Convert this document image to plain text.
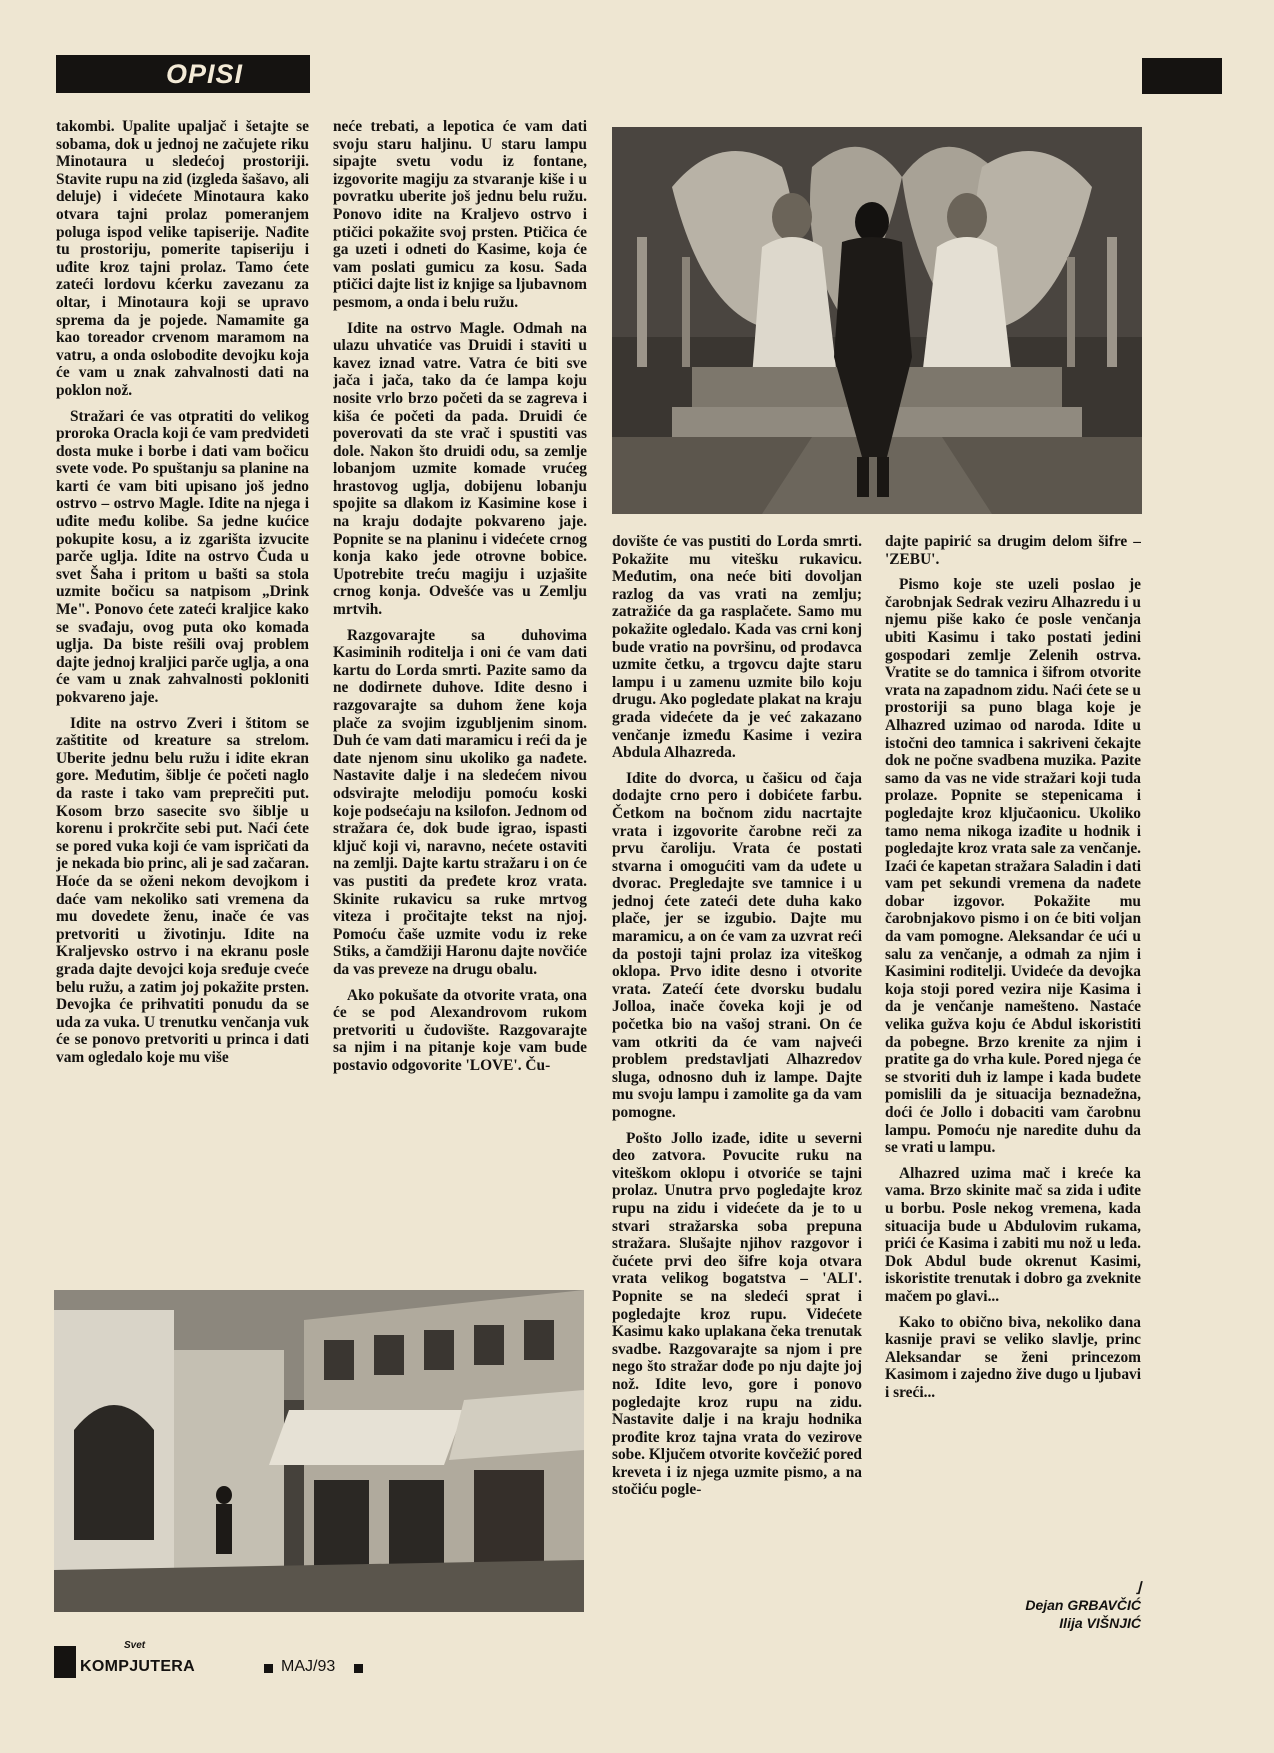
OPISI

takombi. Upalite upaljač i šetajte se sobama, dok u jednoj ne začujete riku Minotaura u sledećoj prostoriji. Stavite rupu na zid (izgleda šašavo, ali deluje) i videćete Minotaura kako otvara tajni prolaz pomeranjem poluga ispod velike tapiserije. Nađite tu prostoriju, pomerite tapiseriju i uđite kroz tajni prolaz. Tamo ćete zateći lordovu kćerku zavezanu za oltar, i Minotaura koji se upravo sprema da je pojede. Namamite ga kao toreador crvenom maramom na vatru, a onda oslobodite devojku koja će vam u znak zahvalnosti dati na poklon nož.

Stražari će vas otpratiti do velikog proroka Oracla koji će vam predvideti dosta muke i borbe i dati vam bočicu svete vode. Po spuštanju sa planine na karti će vam biti upisano još jedno ostrvo – ostrvo Magle. Idite na njega i uđite među kolibe. Sa jedne kućice pokupite kosu, a iz zgarišta izvucite parče uglja. Idite na ostrvo Čuda u svet Šaha i pritom u bašti sa stola uzmite bočicu sa natpisom „Drink Me". Ponovo ćete zateći kraljice kako se svađaju, ovog puta oko komada uglja. Da biste rešili ovaj problem dajte jednoj kraljici parče uglja, a ona će vam u znak zahvalnosti pokloniti pokvareno jaje.

Idite na ostrvo Zveri i štitom se zaštitite od kreature sa strelom. Uberite jednu belu ružu i idite ekran gore. Međutim, šiblje će početi naglo da raste i tako vam preprečiti put. Kosom brzo sasecite svo šiblje u korenu i prokrčite sebi put. Naći ćete se pored vuka koji će vam ispričati da je nekada bio princ, ali je sad začaran. Hoće da se oženi nekom devojkom i daće vam nekoliko sati vremena da mu dovedete ženu, inače će vas pretvoriti u životinju. Idite na Kraljevsko ostrvo i na ekranu posle grada dajte devojci koja sređuje cveće belu ružu, a zatim joj pokažite prsten. Devojka će prihvatiti ponudu da se uda za vuka. U trenutku venčanja vuk će se ponovo pretvoriti u princa i dati vam ogledalo koje mu više

neće trebati, a lepotica će vam dati svoju staru haljinu. U staru lampu sipajte svetu vodu iz fontane, izgovorite magiju za stvaranje kiše i u povratku uberite još jednu belu ružu. Ponovo idite na Kraljevo ostrvo i ptičici pokažite svoj prsten. Ptičica će ga uzeti i odneti do Kasime, koja će vam poslati gumicu za kosu. Sada ptičici dajte list iz knjige sa ljubavnom pesmom, a onda i belu ružu.

Idite na ostrvo Magle. Odmah na ulazu uhvatiće vas Druidi i staviti u kavez iznad vatre. Vatra će biti sve jača i jača, tako da će lampa koju nosite vrlo brzo početi da se zagreva i kiša će početi da pada. Druidi će poverovati da ste vrač i spustiti vas dole. Nakon što druidi odu, sa zemlje lobanjom uzmite komade vrućeg hrastovog uglja, dobijenu lobanju spojite sa dlakom iz Kasimine kose i na kraju dodajte pokvareno jaje. Popnite se na planinu i videćete crnog konja kako jede otrovne bobice. Upotrebite treću magiju i uzjašite crnog konja. Odvešće vas u Zemlju mrtvih.

Razgovarajte sa duhovima Kasiminih roditelja i oni će vam dati kartu do Lorda smrti. Pazite samo da ne dodirnete duhove. Idite desno i razgovarajte sa duhom žene koja plače za svojim izgubljenim sinom. Duh će vam dati maramicu i reći da je date njenom sinu ukoliko ga nađete. Nastavite dalje i na sledećem nivou odsvirajte melodiju pomoću koski koje podsećaju na ksilofon. Jednom od stražara će, dok bude igrao, ispasti ključ koji vi, naravno, nećete ostaviti na zemlji. Dajte kartu stražaru i on će vas pustiti da pređete kroz vrata. Skinite rukavicu sa ruke mrtvog viteza i pročitajte tekst na njoj. Pomoću čaše uzmite vodu iz reke Stiks, a čamdžiji Haronu dajte novčiće da vas preveze na drugu obalu.

Ako pokušate da otvorite vrata, ona će se pod Alexandrovom rukom pretvoriti u čudovište. Razgovarajte sa njim i na pitanje koje vam bude postavio odgovorite 'LOVE'. Ču-

dovište će vas pustiti do Lorda smrti. Pokažite mu vitešku rukavicu. Međutim, ona neće biti dovoljan razlog da vas vrati na zemlju; zatražiće da ga rasplačete. Samo mu pokažite ogledalo. Kada vas crni konj bude vratio na površinu, od prodavca uzmite četku, a trgovcu dajte staru lampu i u zamenu uzmite bilo koju drugu. Ako pogledate plakat na kraju grada videćete da je već zakazano venčanje između Kasime i vezira Abdula Alhazreda.

Idite do dvorca, u čašicu od čaja dodajte crno pero i dobićete farbu. Četkom na bočnom zidu nacrtajte vrata i izgovorite čarobne reči za prvu čaroliju. Vrata će postati stvarna i omogućiti vam da uđete u dvorac. Pregledajte sve tamnice i u jednoj ćete zateći dete duha kako plače, jer se izgubio. Dajte mu maramicu, a on će vam za uzvrat reći da postoji tajni prolaz iza viteškog oklopa. Prvo idite desno i otvorite vrata. Zatećí ćete dvorsku budalu Jolloa, inače čoveka koji je od početka bio na vašoj strani. On će vam otkriti da će vam najveći problem predstavljati Alhazredov sluga, odnosno duh iz lampe. Dajte mu svoju lampu i zamolite ga da vam pomogne.

Pošto Jollo izađe, idite u severni deo zatvora. Povucite ruku na viteškom oklopu i otvoriće se tajni prolaz. Unutra prvo pogledajte kroz rupu na zidu i videćete da je to u stvari stražarska soba prepuna stražara. Slušajte njihov razgovor i čućete prvi deo šifre koja otvara vrata velikog bogatstva – 'ALI'. Popnite se na sledeći sprat i pogledajte kroz rupu. Videćete Kasimu kako uplakana čeka trenutak svadbe. Razgovarajte sa njom i pre nego što stražar dođe po nju dajte joj nož. Idite levo, gore i ponovo pogledajte kroz rupu na zidu. Nastavite dalje i na kraju hodnika prođite kroz tajna vrata do vezirove sobe. Ključem otvorite kovčežić pored kreveta i iz njega uzmite pismo, a na stočiću pogle-

dajte papirić sa drugim delom šifre – 'ZEBU'.

Pismo koje ste uzeli poslao je čarobnjak Sedrak veziru Alhazredu i u njemu piše kako će posle venčanja ubiti Kasimu i tako postati jedini gospodari zemlje Zelenih ostrva. Vratite se do tamnica i šifrom otvorite vrata na zapadnom zidu. Naći ćete se u prostoriji sa puno blaga koje je Alhazred uzimao od naroda. Idite u istočni deo tamnica i sakriveni čekajte dok ne počne svadbena muzika. Pazite samo da vas ne vide stražari koji tuda prolaze. Popnite se stepenicama i pogledajte kroz ključaonicu. Ukoliko tamo nema nikoga izađite u hodnik i pogledajte kroz vrata sale za venčanje. Izaći će kapetan stražara Saladin i dati vam pet sekundi vremena da nađete dobar izgovor. Pokažite mu čarobnjakovo pismo i on će biti voljan da vam pomogne. Aleksandar će ući u salu za venčanje, a odmah za njim i Kasimini roditelji. Uvideće da devojka koja stoji pored vezira nije Kasima i da je venčanje namešteno. Nastaće velika gužva koju će Abdul iskoristiti da pobegne. Brzo krenite za njim i pratite ga do vrha kule. Pored njega će se stvoriti duh iz lampe i kada budete pomislili da je situacija beznadežna, doći će Jollo i dobaciti vam čarobnu lampu. Pomoću nje naredite duhu da se vrati u lampu.

Alhazred uzima mač i kreće ka vama. Brzo skinite mač sa zida i uđite u borbu. Posle nekog vremena, kada situacija bude u Abdulovim rukama, prići će Kasima i zabiti mu nož u leđa. Dok Abdul bude okrenut Kasimi, iskoristite trenutak i dobro ga zveknite mačem po glavi...

Kako to obično biva, nekoliko dana kasnije pravi se veliko slavlje, princ Aleksandar se ženi princezom Kasimom i zajedno žive dugo u ljubavi i sreći...

⌋
Dejan GRBAVČIĆ
Ilija VIŠNJIĆ
Svet
KOMPJUTERA	MAJ/93
